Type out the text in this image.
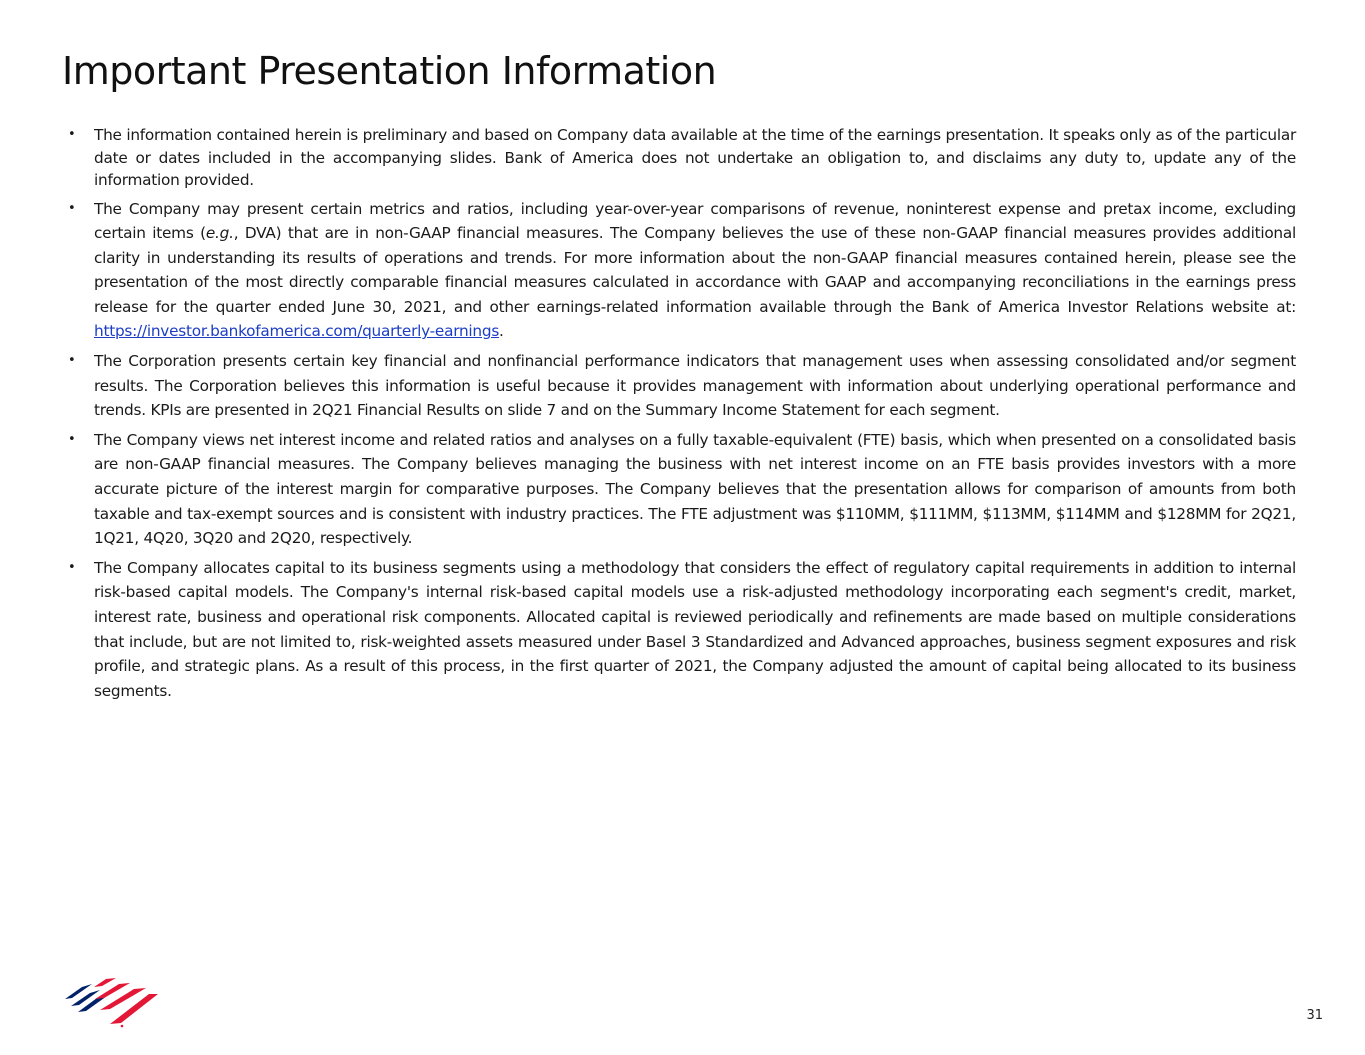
Important Presentation Information
• The information contained herein is preliminary and based on Company data available at the time of the earnings presentation. It speaks only as of the particular date or dates included in the accompanying slides. Bank of America does not undertake an obligation to, and disclaims any duty to, update any of the information provided.
• The Company may present certain metrics and ratios, including year-over-year comparisons of revenue, noninterest expense and pretax income, excluding certain items (e.g., DVA) that are in non-GAAP financial measures. The Company believes the use of these non-GAAP financial measures provides additional clarity in understanding its results of operations and trends. For more information about the non-GAAP financial measures contained herein, please see the presentation of the most directly comparable financial measures calculated in accordance with GAAP and accompanying reconciliations in the earnings press release for the quarter ended June 30, 2021, and other earnings-related information available through the Bank of America Investor Relations website at: https://investor.bankofamerica.com/quarterly-earnings.
• The Corporation presents certain key financial and nonfinancial performance indicators that management uses when assessing consolidated and/or segment results. The Corporation believes this information is useful because it provides management with information about underlying operational performance and trends. KPIs are presented in 2Q21 Financial Results on slide 7 and on the Summary Income Statement for each segment.
• The Company views net interest income and related ratios and analyses on a fully taxable-equivalent (FTE) basis, which when presented on a consolidated basis are non-GAAP financial measures. The Company believes managing the business with net interest income on an FTE basis provides investors with a more accurate picture of the interest margin for comparative purposes. The Company believes that the presentation allows for comparison of amounts from both taxable and tax-exempt sources and is consistent with industry practices. The FTE adjustment was $110MM, $111MM, $113MM, $114MM and $128MM for 2Q21, 1Q21, 4Q20, 3Q20 and 2Q20, respectively.
• The Company allocates capital to its business segments using a methodology that considers the effect of regulatory capital requirements in addition to internal risk-based capital models. The Company's internal risk-based capital models use a risk-adjusted methodology incorporating each segment's credit, market, interest rate, business and operational risk components. Allocated capital is reviewed periodically and refinements are made based on multiple considerations that include, but are not limited to, risk-weighted assets measured under Basel 3 Standardized and Advanced approaches, business segment exposures and risk profile, and strategic plans. As a result of this process, in the first quarter of 2021, the Company adjusted the amount of capital being allocated to its business segments.
31
